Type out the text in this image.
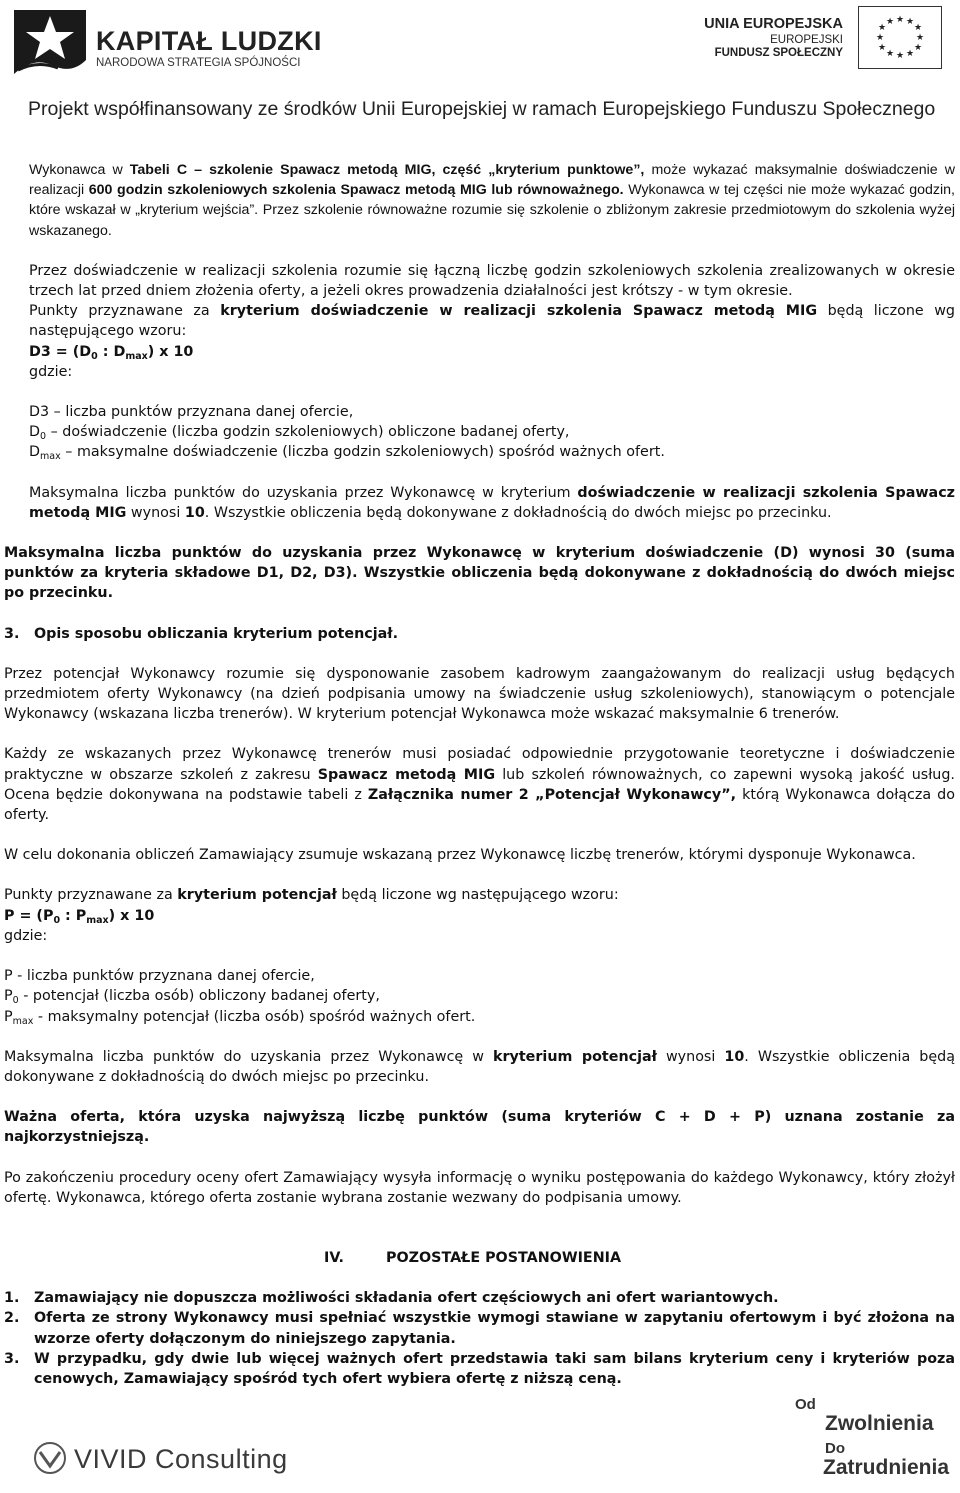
KAPITAŁ LUDZKI
NARODOWA STRATEGIA SPÓJNOŚCI
UNIA EUROPEJSKA
EUROPEJSKI
FUNDUSZ SPOŁECZNY
★ ★
★
★
★
★
★
★
★
★
★
★
Projekt współfinansowany ze środków Unii Europejskiej w ramach Europejskiego Funduszu Społecznego

Wykonawca w Tabeli C – szkolenie Spawacz metodą MIG, część „kryterium punktowe”, może wykazać maksymalnie doświadczenie w realizacji 600 godzin szkoleniowych szkolenia Spawacz metodą MIG lub równoważnego. Wykonawca w tej części nie może wykazać godzin, które wskazał w „kryterium wejścia”. Przez szkolenie równoważne rozumie się szkolenie o zbliżonym zakresie przedmiotowym do szkolenia wyżej wskazanego.

Przez doświadczenie w realizacji szkolenia rozumie się łączną liczbę godzin szkoleniowych szkolenia zrealizowanych w okresie trzech lat przed dniem złożenia oferty, a jeżeli okres prowadzenia działalności jest krótszy - w tym okresie.

Punkty przyznawane za kryterium doświadczenie w realizacji szkolenia Spawacz metodą MIG będą liczone wg następującego wzoru:

$D3 = (D_0$ : $D_{max}$) x 10

gdzie:

D3 – liczba punktów przyznana danej ofercie,

$D_0$ – doświadczenie (liczba godzin szkoleniowych) obliczone badanej oferty,

$D_{max}$ – maksymalne doświadczenie (liczba godzin szkoleniowych) spośród ważnych ofert.

Maksymalna liczba punktów do uzyskania przez Wykonawcę w kryterium doświadczenie w realizacji szkolenia Spawacz metodą MIG wynosi 10. Wszystkie obliczenia będą dokonywane z dokładnością do dwóch miejsc po przecinku.

Maksymalna liczba punktów do uzyskania przez Wykonawcę w kryterium doświadczenie (D) wynosi 30 (suma punktów za kryteria składowe D1, D2, D3). Wszystkie obliczenia będą dokonywane z dokładnością do dwóch miejsc po przecinku.

3. Opis sposobu obliczania kryterium potencjał.

Przez potencjał Wykonawcy rozumie się dysponowanie zasobem kadrowym zaangażowanym do realizacji usług będących przedmiotem oferty Wykonawcy (na dzień podpisania umowy na świadczenie usług szkoleniowych), stanowiącym o potencjale Wykonawcy (wskazana liczba trenerów). W kryterium potencjał Wykonawca może wskazać maksymalnie 6 trenerów.

Każdy ze wskazanych przez Wykonawcę trenerów musi posiadać odpowiednie przygotowanie teoretyczne i doświadczenie praktyczne w obszarze szkoleń z zakresu Spawacz metodą MIG lub szkoleń równoważnych, co zapewni wysoką jakość usług. Ocena będzie dokonywana na podstawie tabeli z Załącznika numer 2 „Potencjał Wykonawcy”, którą Wykonawca dołącza do oferty.

W celu dokonania obliczeń Zamawiający zsumuje wskazaną przez Wykonawcę liczbę trenerów, którymi dysponuje Wykonawca.

Punkty przyznawane za kryterium potencjał będą liczone wg następującego wzoru:

$P = (P_0$ : $P_{max}$) x 10

gdzie:

P - liczba punktów przyznana danej ofercie,

$P_0$ - potencjał (liczba osób) obliczony badanej oferty,

$P_{max}$ - maksymalny potencjał (liczba osób) spośród ważnych ofert.

Maksymalna liczba punktów do uzyskania przez Wykonawcę w kryterium potencjał wynosi 10. Wszystkie obliczenia będą dokonywane z dokładnością do dwóch miejsc po przecinku.

Ważna oferta, która uzyska najwyższą liczbę punktów (suma kryteriów C + D + P) uznana zostanie za najkorzystniejszą.

Po zakończeniu procedury oceny ofert Zamawiający wysyła informację o wyniku postępowania do każdego Wykonawcy, który złożył ofertę. Wykonawca, którego oferta zostanie wybrana zostanie wezwany do podpisania umowy.

IV.	POZOSTAŁE POSTANOWIENIA

1.	Zamawiający nie dopuszcza możliwości składania ofert częściowych ani ofert wariantowych.
2.	Oferta ze strony Wykonawcy musi spełniać wszystkie wymogi stawiane w zapytaniu ofertowym i być złożona na wzorze oferty dołączonym do niniejszego zapytania.
3.	W przypadku, gdy dwie lub więcej ważnych ofert przedstawia taki sam bilans kryterium ceny i kryteriów poza cenowych, Zamawiający spośród tych ofert wybiera ofertę z niższą ceną.
VIVID Consulting
Od
Zwolnienia
Do
Zatrudnienia
